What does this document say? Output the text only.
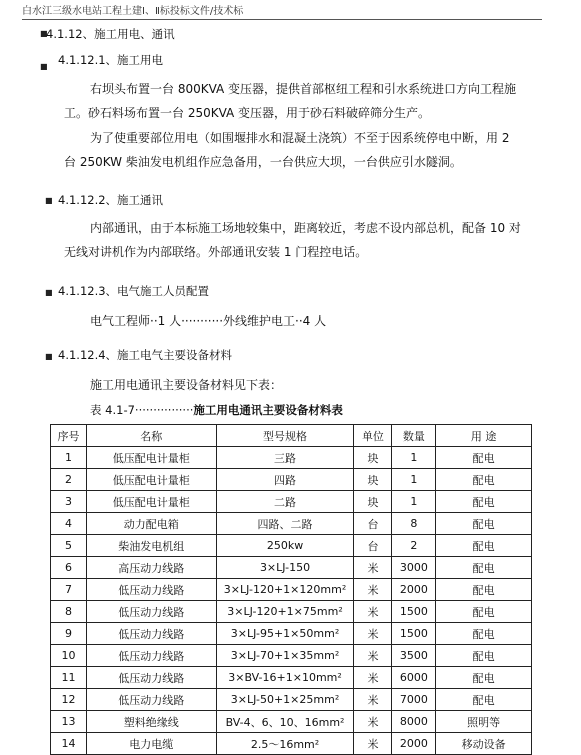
白水江三级水电站工程土建Ⅰ、Ⅱ标投标文件/技术标
■
4.1.12、施工用电、通讯
■ 4.1.12.1、施工用电
右坝头布置一台 800KVA 变压器，提供首部枢纽工程和引水系统进口方向工程施工。砂石料场布置一台 250KVA 变压器，用于砂石料破碎筛分生产。
为了使重要部位用电（如围堰排水和混凝土浇筑）不至于因系统停电中断，用 2 台 250KW 柴油发电机组作应急备用，一台供应大坝，一台供应引水隧洞。
■ 4.1.12.2、施工通讯
内部通讯，由于本标施工场地较集中，距离较近，考虑不设内部总机，配备 10 对无线对讲机作为内部联络。外部通讯安装 1 门程控电话。
■ 4.1.12.3、电气施工人员配置
电气工程师··1 人···········外线维护电工··4 人
■ 4.1.12.4、施工电气主要设备材料
施工用电通讯主要设备材料见下表：
表 4.1-7················施工用电通讯主要设备材料表
序号	名称	型号规格	单位	数量	用 途
1	低压配电计量柜	三路	块	1	配电
2	低压配电计量柜	四路	块	1	配电
3	低压配电计量柜	二路	块	1	配电
4	动力配电箱	四路、二路	台	8	配电
5	柴油发电机组	250kw	台	2	配电
6	高压动力线路	3×LJ-150	米	3000	配电
7	低压动力线路	3×LJ-120+1×120mm²	米	2000	配电
8	低压动力线路	3×LJ-120+1×75mm²	米	1500	配电
9	低压动力线路	3×LJ-95+1×50mm²	米	1500	配电
10	低压动力线路	3×LJ-70+1×35mm²	米	3500	配电
11	低压动力线路	3×BV-16+1×10mm²	米	6000	配电
12	低压动力线路	3×LJ-50+1×25mm²	米	7000	配电
13	塑料绝缘线	BV-4、6、10、16mm²	米	8000	照明等
14	电力电缆	2.5～16mm²	米	2000	移动设备
